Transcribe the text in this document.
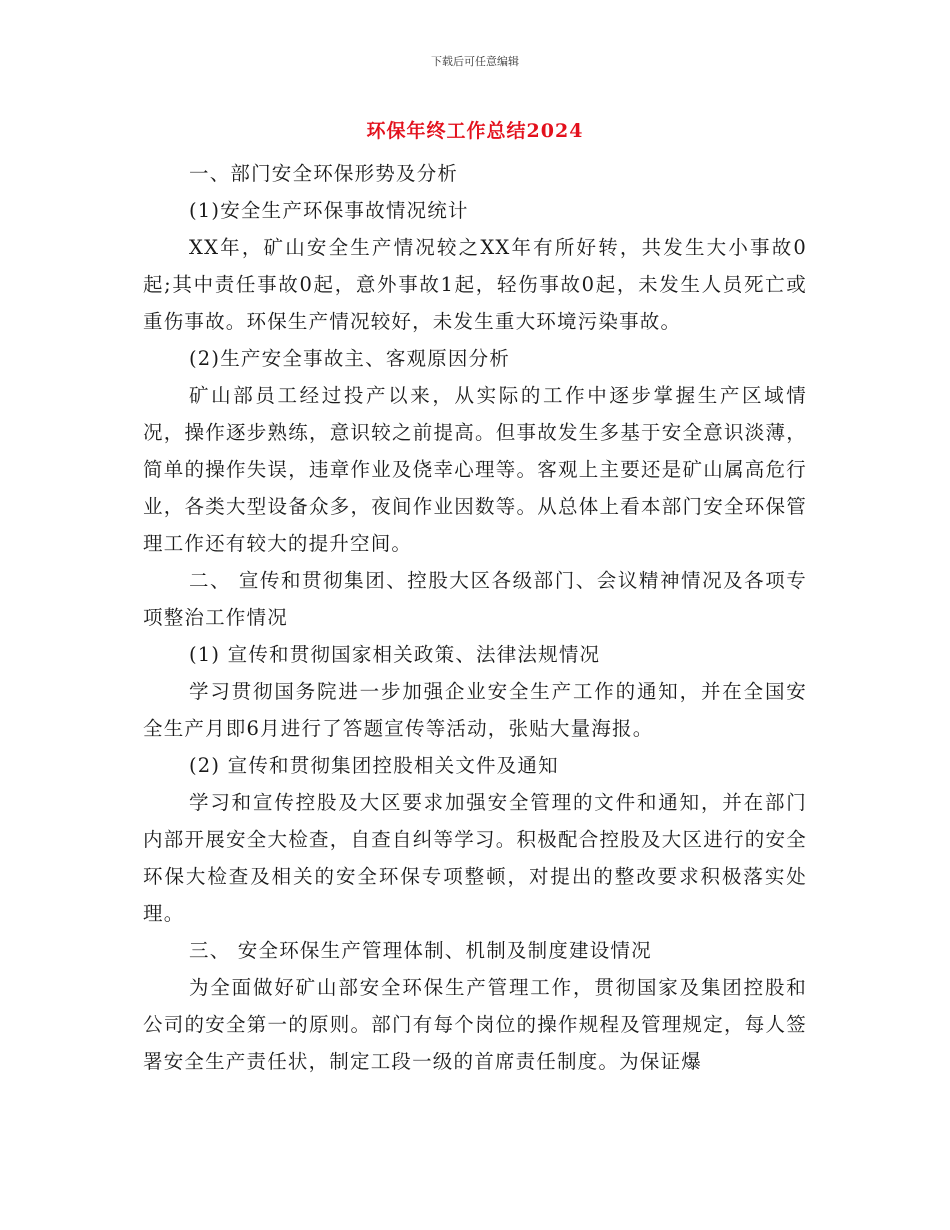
下载后可任意编辑
环保年终工作总结2024

一、部门安全环保形势及分析

(1)安全生产环保事故情况统计

XX年，矿山安全生产情况较之XX年有所好转，共发生大小事故0起;其中责任事故0起，意外事故1起，轻伤事故0起，未发生人员死亡或重伤事故。环保生产情况较好，未发生重大环境污染事故。

(2)生产安全事故主、客观原因分析

矿山部员工经过投产以来，从实际的工作中逐步掌握生产区域情况，操作逐步熟练，意识较之前提高。但事故发生多基于安全意识淡薄，简单的操作失误，违章作业及侥幸心理等。客观上主要还是矿山属高危行业，各类大型设备众多，夜间作业因数等。从总体上看本部门安全环保管理工作还有较大的提升空间。

二、 宣传和贯彻集团、控股大区各级部门、会议精神情况及各项专项整治工作情况

(1) 宣传和贯彻国家相关政策、法律法规情况

学习贯彻国务院进一步加强企业安全生产工作的通知，并在全国安全生产月即6月进行了答题宣传等活动，张贴大量海报。

(2) 宣传和贯彻集团控股相关文件及通知

学习和宣传控股及大区要求加强安全管理的文件和通知，并在部门内部开展安全大检查，自查自纠等学习。积极配合控股及大区进行的安全环保大检查及相关的安全环保专项整顿，对提出的整改要求积极落实处理。

三、 安全环保生产管理体制、机制及制度建设情况

为全面做好矿山部安全环保生产管理工作，贯彻国家及集团控股和公司的安全第一的原则。部门有每个岗位的操作规程及管理规定，每人签署安全生产责任状，制定工段一级的首席责任制度。为保证爆
